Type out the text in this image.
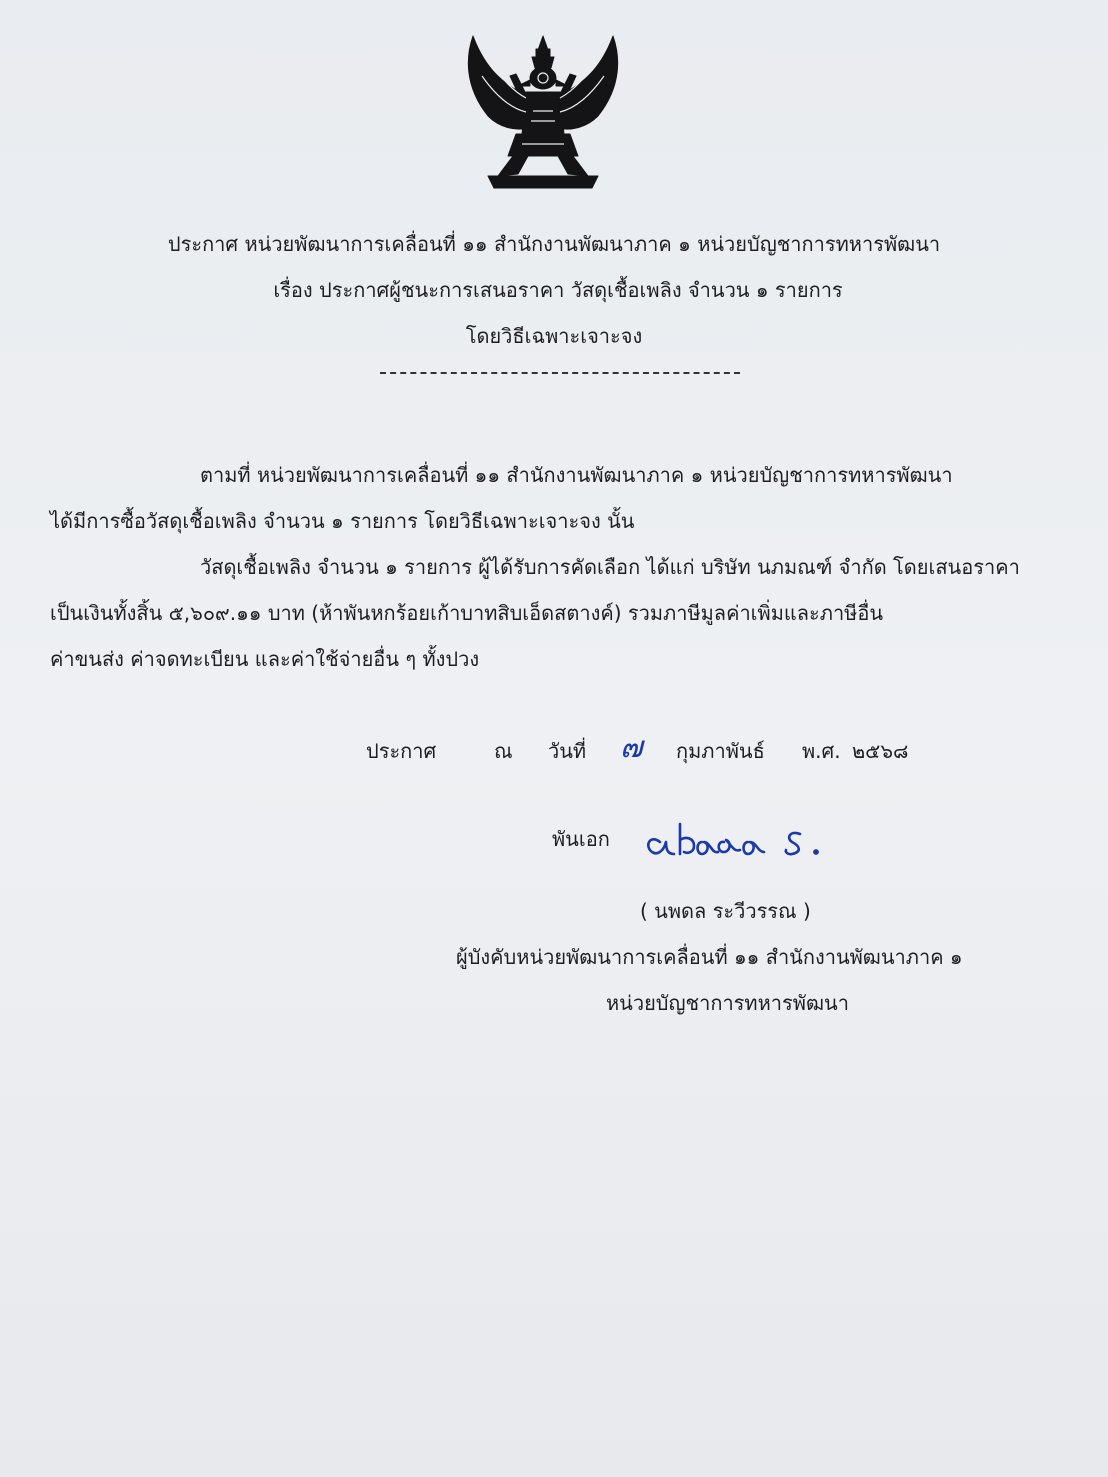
ประกาศ หน่วยพัฒนาการเคลื่อนที่ ๑๑ สำนักงานพัฒนาภาค ๑ หน่วยบัญชาการทหารพัฒนา
เรื่อง ประกาศผู้ชนะการเสนอราคา วัสดุเชื้อเพลิง จำนวน ๑ รายการ
โดยวิธีเฉพาะเจาะจง
ตามที่ หน่วยพัฒนาการเคลื่อนที่ ๑๑ สำนักงานพัฒนาภาค ๑ หน่วยบัญชาการทหารพัฒนา
ได้มีการซื้อวัสดุเชื้อเพลิง จำนวน ๑ รายการ โดยวิธีเฉพาะเจาะจง นั้น
วัสดุเชื้อเพลิง จำนวน ๑ รายการ ผู้ได้รับการคัดเลือก ได้แก่ บริษัท นภมณฑ์ จำกัด โดยเสนอราคา
เป็นเงินทั้งสิ้น ๕,๖๐๙.๑๑ บาท (ห้าพันหกร้อยเก้าบาทสิบเอ็ดสตางค์) รวมภาษีมูลค่าเพิ่มและภาษีอื่น
ค่าขนส่ง ค่าจดทะเบียน และค่าใช้จ่ายอื่น ๆ ทั้งปวง
ประกาศ	ณ วันที่ ๗ กุมภาพันธ์ พ.ศ. ๒๕๖๘
พันเอก
( นพดล ระวีวรรณ )
ผู้บังคับหน่วยพัฒนาการเคลื่อนที่ ๑๑ สำนักงานพัฒนาภาค ๑
หน่วยบัญชาการทหารพัฒนา
